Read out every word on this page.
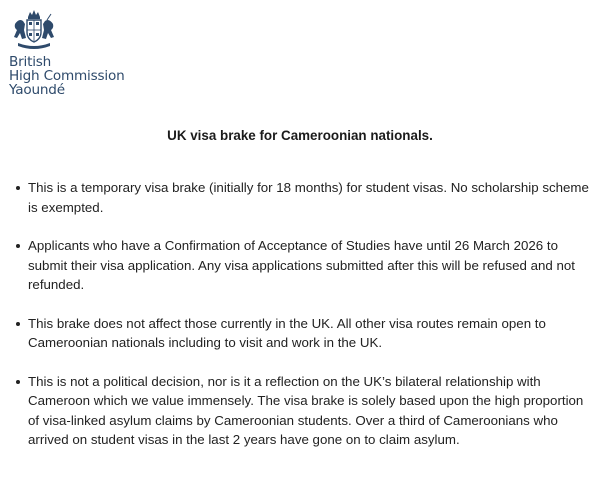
British
High Commission
Yaoundé
UK visa brake for Cameroonian nationals.
This is a temporary visa brake (initially for 18 months) for student visas. No scholarship scheme is exempted.
Applicants who have a Confirmation of Acceptance of Studies have until 26 March 2026 to submit their visa application. Any visa applications submitted after this will be refused and not refunded.
This brake does not affect those currently in the UK. All other visa routes remain open to Cameroonian nationals including to visit and work in the UK.
This is not a political decision, nor is it a reflection on the UK’s bilateral relationship with Cameroon which we value immensely. The visa brake is solely based upon the high proportion of visa-linked asylum claims by Cameroonian students. Over a third of Cameroonians who arrived on student visas in the last 2 years have gone on to claim asylum.
